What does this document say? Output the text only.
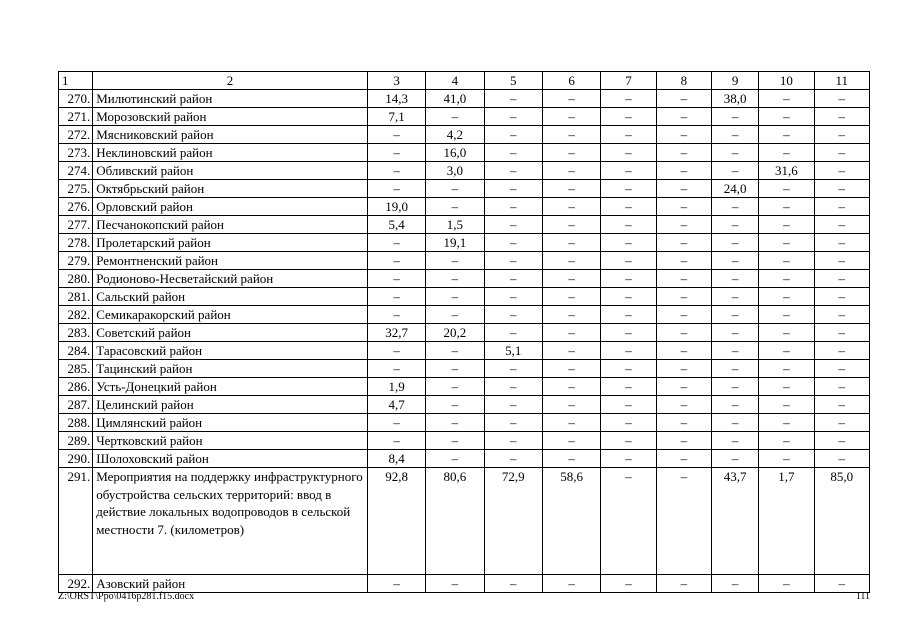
1	2	3	4	5	6	7	8	9	10	11
270.	Милютинский район	14,3	41,0	–	–	–	–	38,0	–	–
271.	Морозовский район	7,1	–	–	–	–	–	–	–	–
272.	Мясниковский район	–	4,2	–	–	–	–	–	–	–
273.	Неклиновский район	–	16,0	–	–	–	–	–	–	–
274.	Обливский район	–	3,0	–	–	–	–	–	31,6	–
275.	Октябрьский район	–	–	–	–	–	–	24,0	–	–
276.	Орловский район	19,0	–	–	–	–	–	–	–	–
277.	Песчанокопский район	5,4	1,5	–	–	–	–	–	–	–
278.	Пролетарский район	–	19,1	–	–	–	–	–	–	–
279.	Ремонтненский район	–	–	–	–	–	–	–	–	–
280.	Родионово-Несветайский район	–	–	–	–	–	–	–	–	–
281.	Сальский район	–	–	–	–	–	–	–	–	–
282.	Семикаракорский район	–	–	–	–	–	–	–	–	–
283.	Советский район	32,7	20,2	–	–	–	–	–	–	–
284.	Тарасовский район	–	–	5,1	–	–	–	–	–	–
285.	Тацинский район	–	–	–	–	–	–	–	–	–
286.	Усть-Донецкий район	1,9	–	–	–	–	–	–	–	–
287.	Целинский район	4,7	–	–	–	–	–	–	–	–
288.	Цимлянский район	–	–	–	–	–	–	–	–	–
289.	Чертковский район	–	–	–	–	–	–	–	–	–
290.	Шолоховский район	8,4	–	–	–	–	–	–	–	–
291.	Мероприятия на поддержку инфраструктурного обустройства сельских территорий: ввод в действие локальных водопроводов в сельской местности 7. (километров)	92,8	80,6	72,9	58,6	–	–	43,7	1,7	85,0
292.	Азовский район	–	–	–	–	–	–	–	–	–
Z:\ORST\Ppo\0416p281.f15.docx	111
